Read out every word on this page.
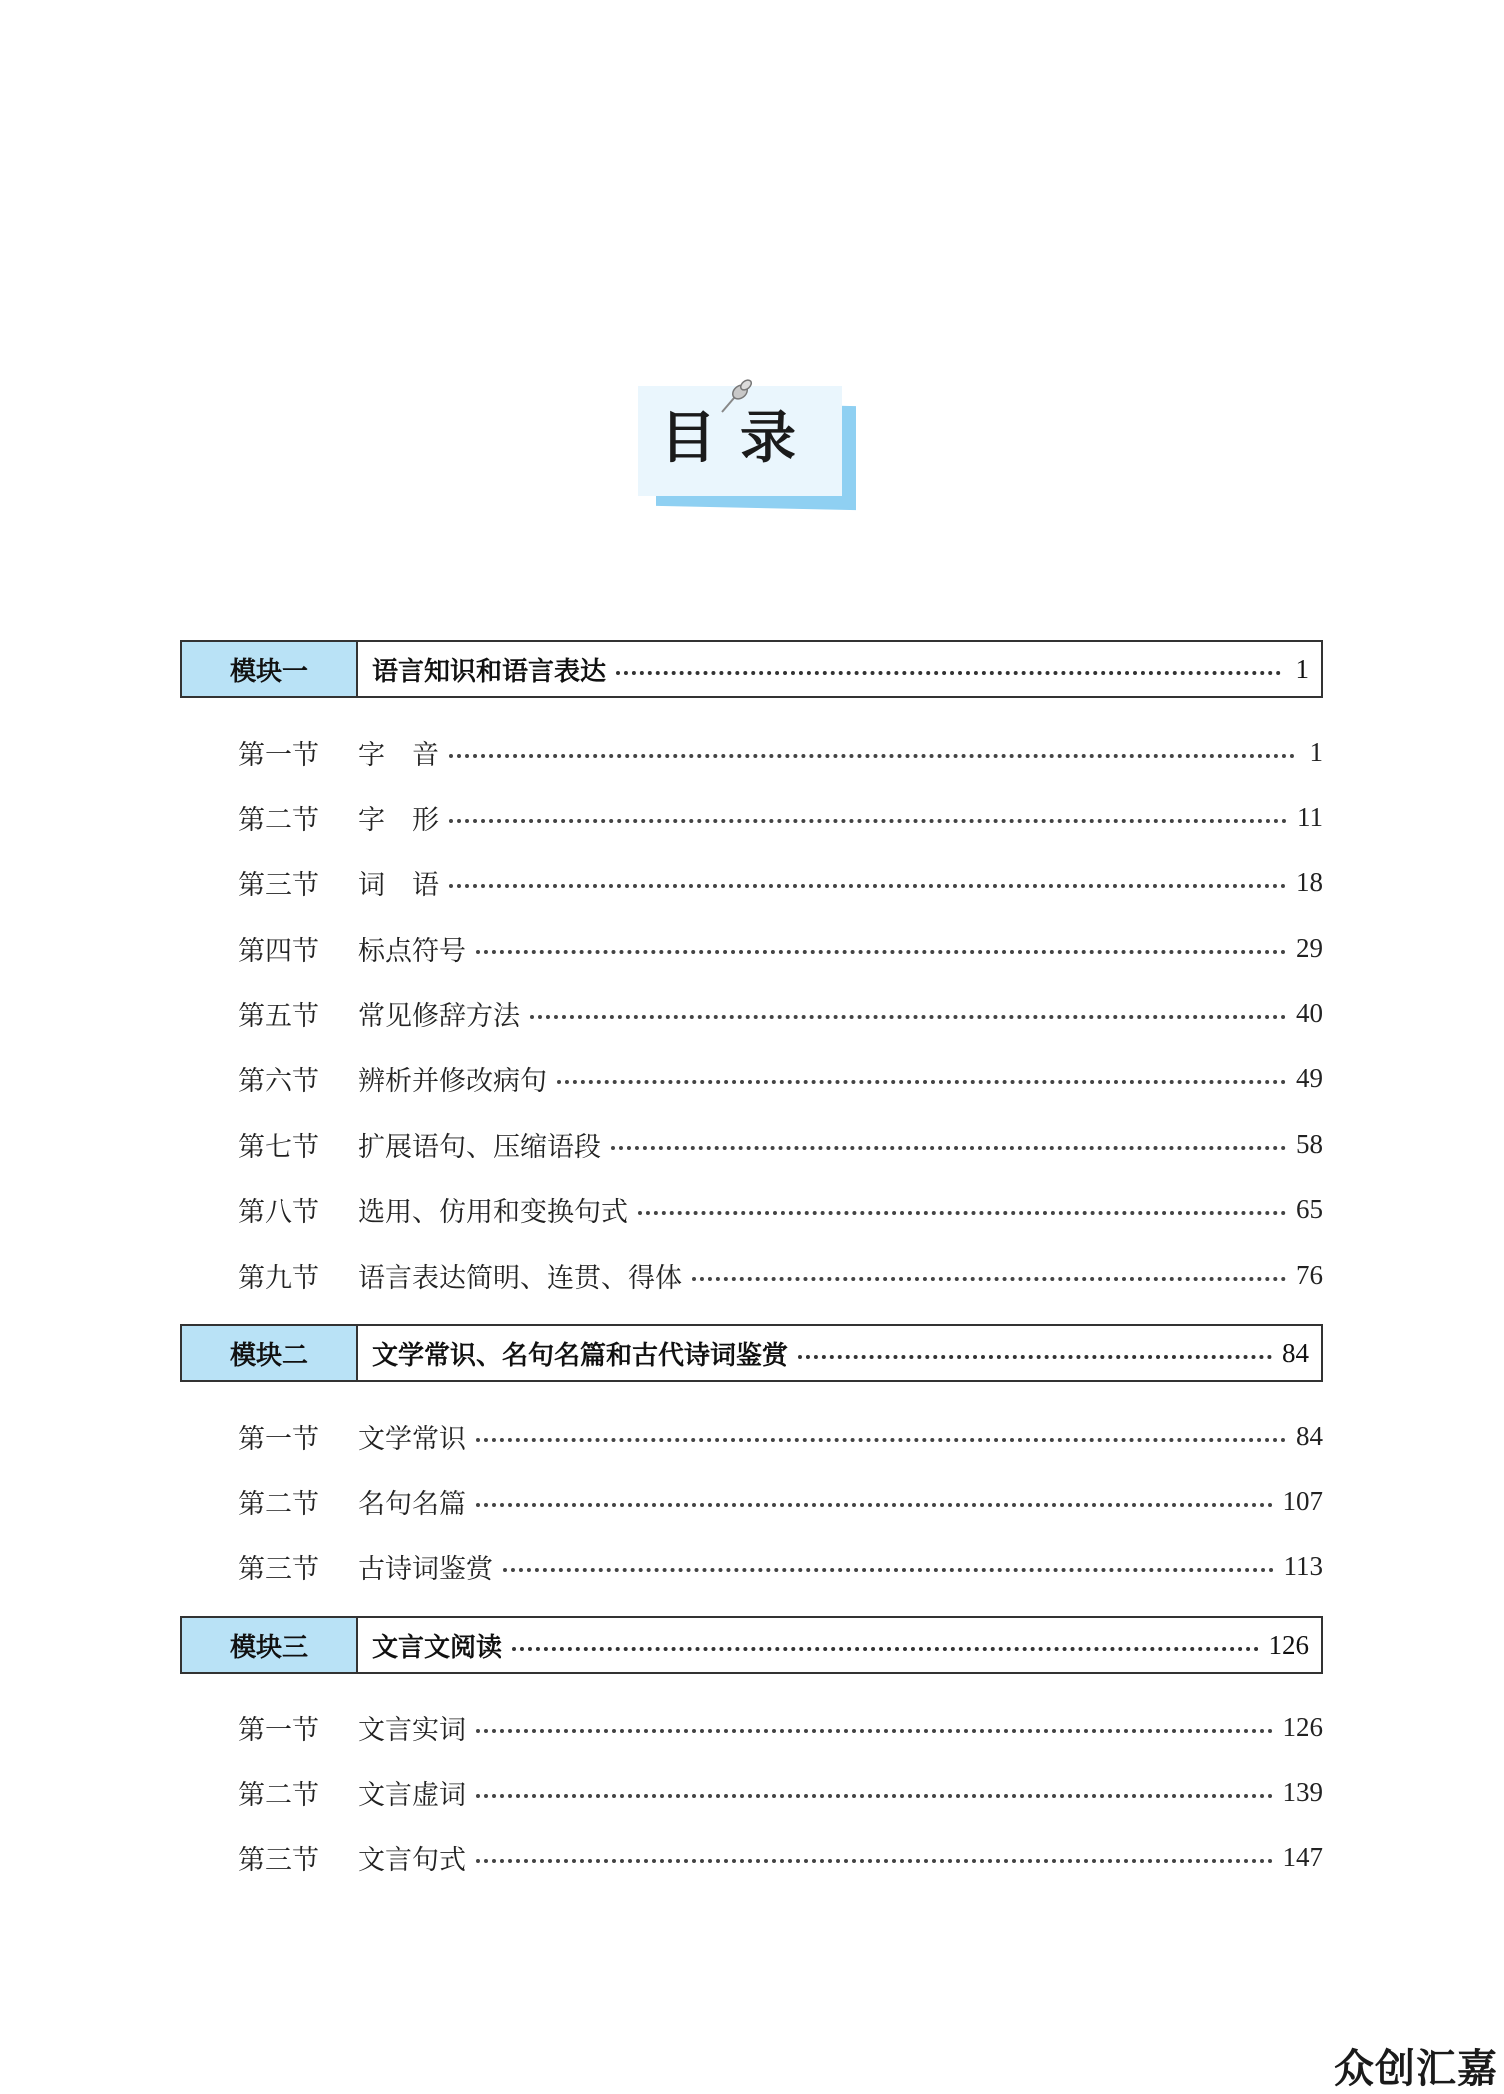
目录
模块一	语言知识和语言表达	1
第一节	字　音	1
第二节	字　形	11
第三节	词　语	18
第四节	标点符号	29
第五节	常见修辞方法	40
第六节	辨析并修改病句	49
第七节	扩展语句、压缩语段	58
第八节	选用、仿用和变换句式	65
第九节	语言表达简明、连贯、得体	76
模块二	文学常识、名句名篇和古代诗词鉴赏	84
第一节	文学常识	84
第二节	名句名篇	107
第三节	古诗词鉴赏	113
模块三	文言文阅读	126
第一节	文言实词	126
第二节	文言虚词	139
第三节	文言句式	147
众创汇嘉
